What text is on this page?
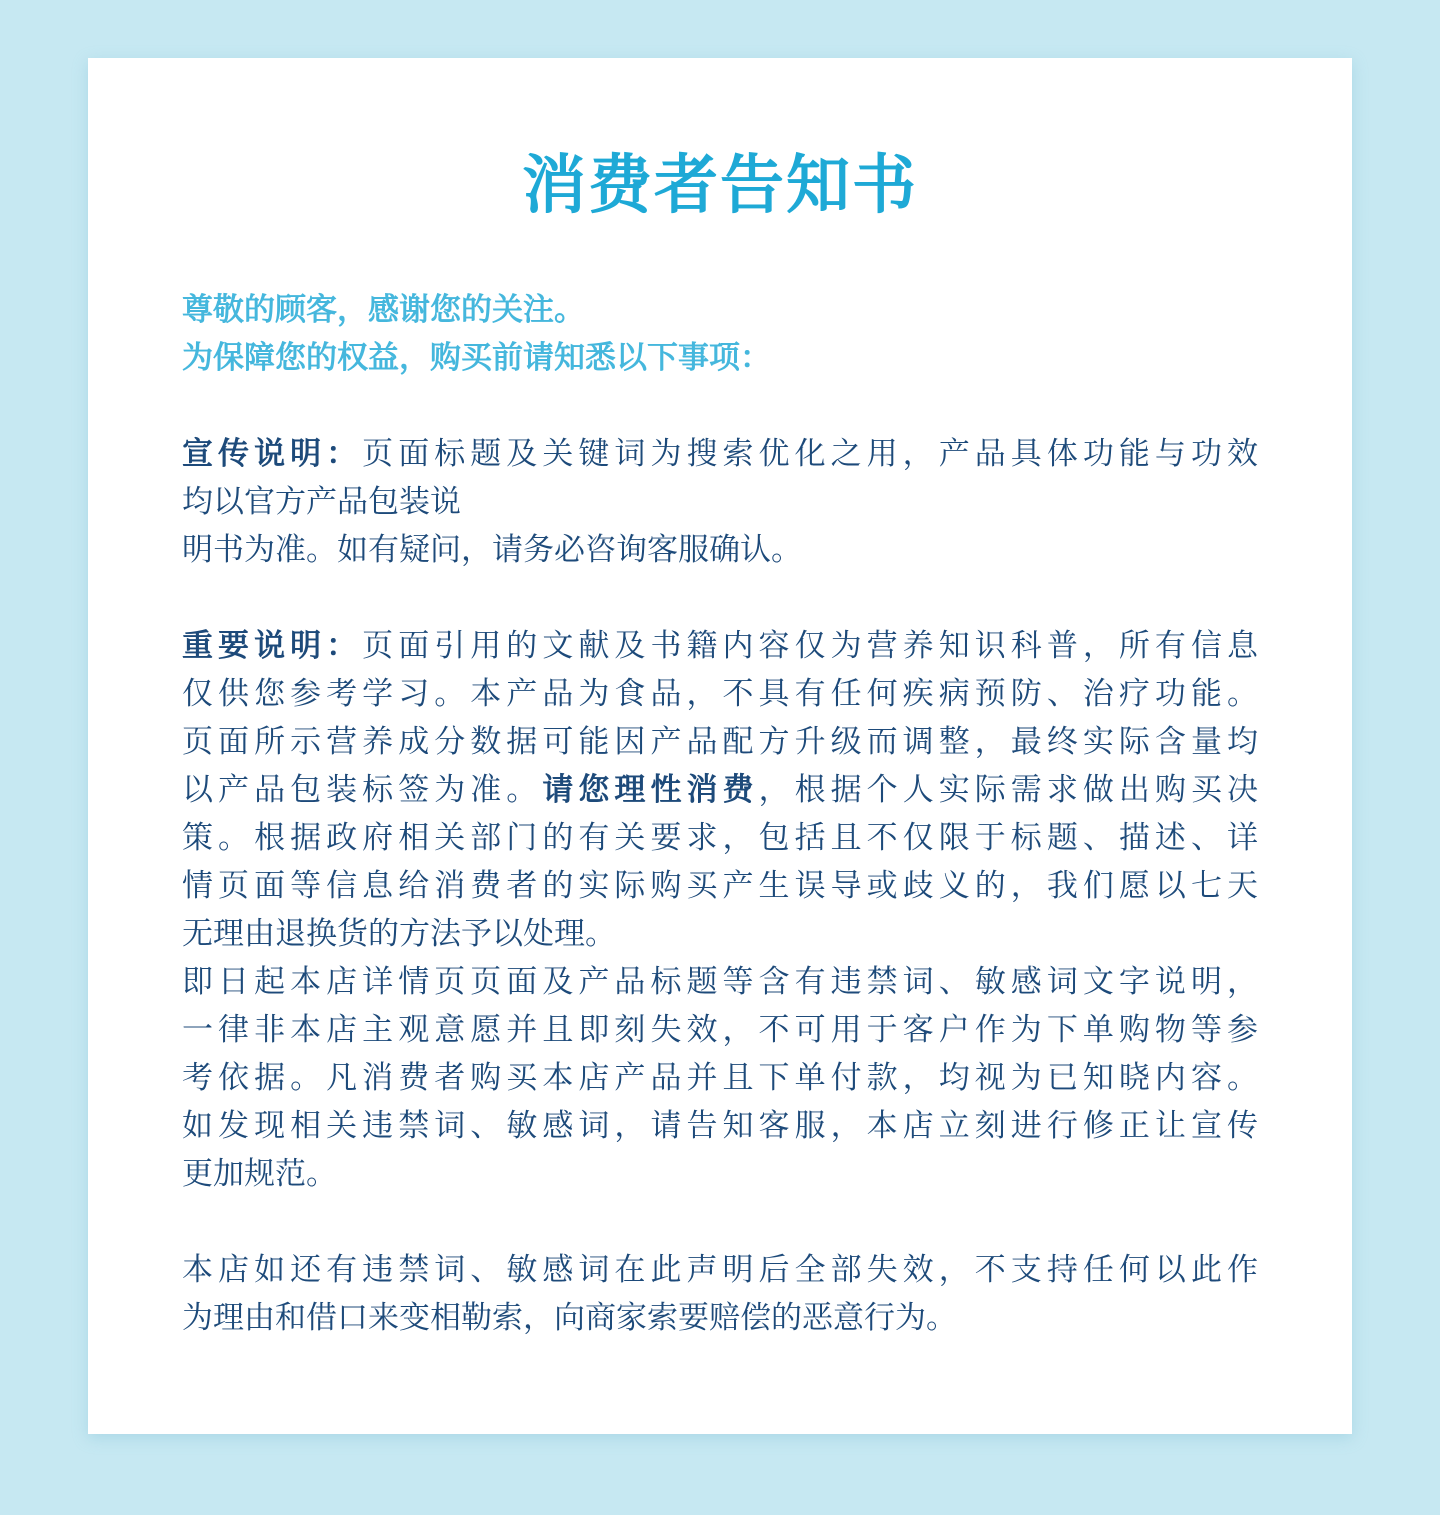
消费者告知书
尊敬的顾客，感谢您的关注。
为保障您的权益，购买前请知悉以下事项：
宣传说明：页面标题及关键词为搜索优化之用，产品具体功能与功效
均以官方产品包装说
明书为准。如有疑问，请务必咨询客服确认。
重要说明：页面引用的文献及书籍内容仅为营养知识科普，所有信息
仅供您参考学习。本产品为食品，不具有任何疾病预防、治疗功能。
页面所示营养成分数据可能因产品配方升级而调整，最终实际含量均
以产品包装标签为准。请您理性消费，根据个人实际需求做出购买决
策。根据政府相关部门的有关要求，包括且不仅限于标题、描述、详
情页面等信息给消费者的实际购买产生误导或歧义的，我们愿以七天
无理由退换货的方法予以处理。
即日起本店详情页页面及产品标题等含有违禁词、敏感词文字说明，
一律非本店主观意愿并且即刻失效，不可用于客户作为下单购物等参
考依据。凡消费者购买本店产品并且下单付款，均视为已知晓内容。
如发现相关违禁词、敏感词，请告知客服，本店立刻进行修正让宣传
更加规范。
本店如还有违禁词、敏感词在此声明后全部失效，不支持任何以此作
为理由和借口来变相勒索，向商家索要赔偿的恶意行为。
